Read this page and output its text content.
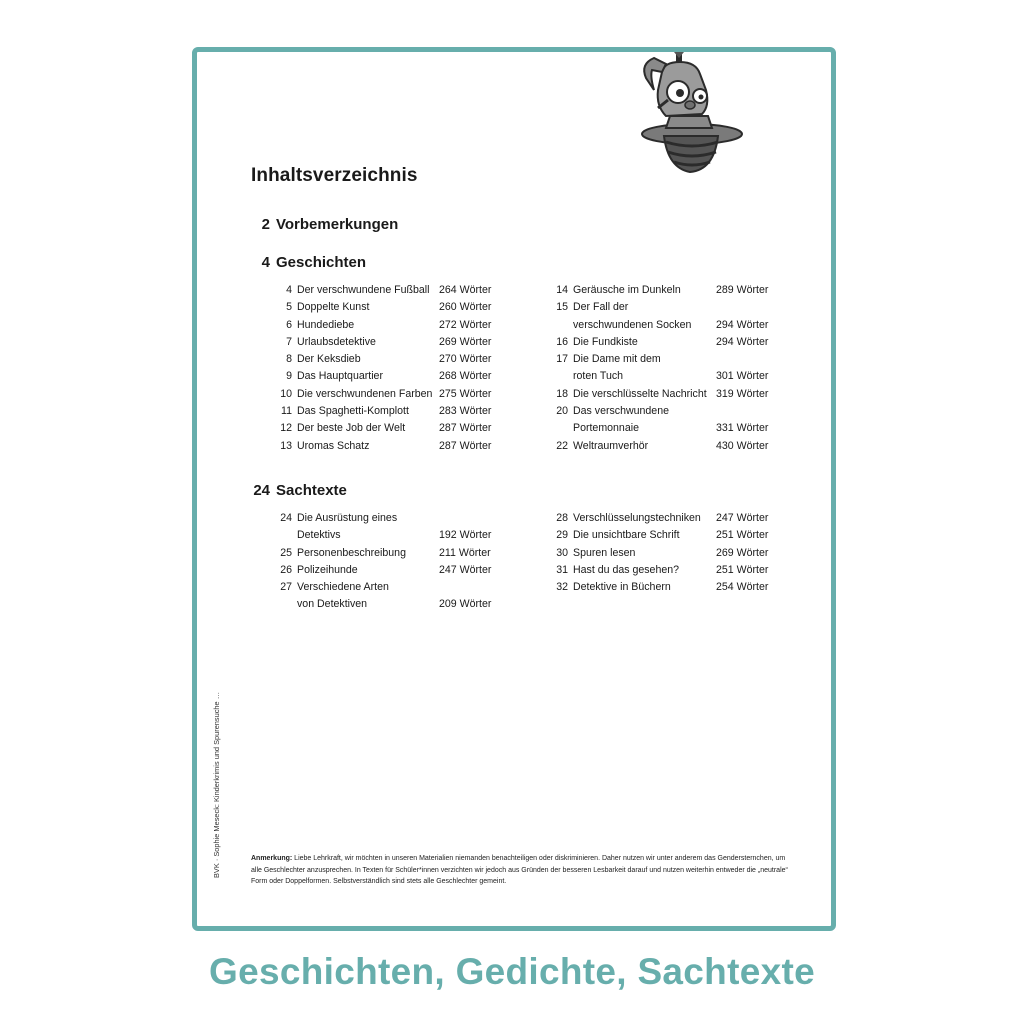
Inhaltsverzeichnis
2 Vorbemerkungen
4 Geschichten
24 Sachtexte
4 Der verschwundene Fußball 264 Wörter
5 Doppelte Kunst	260 Wörter
6 Hundediebe	272 Wörter
7 Urlaubsdetektive	269 Wörter
8 Der Keksdieb	270 Wörter
9 Das Hauptquartier	268 Wörter
10 Die verschwundenen Farben 275 Wörter
11 Das Spaghetti-Komplott	283 Wörter
12 Der beste Job der Welt	287 Wörter
13 Uromas Schatz	287 Wörter
14 Geräusche im Dunkeln	289 Wörter
15 Der Fall der
verschwundenen Socken 294 Wörter
16 Die Fundkiste	294 Wörter
17 Die Dame mit dem
roten Tuch	301 Wörter
18 Die verschlüsselte Nachricht 319 Wörter
20 Das verschwundene
Portemonnaie	331 Wörter
22 Weltraumverhör	430 Wörter
24 Die Ausrüstung eines
Detektivs	192 Wörter
25 Personenbeschreibung	211 Wörter
26 Polizeihunde	247 Wörter
27 Verschiedene Arten
von Detektiven	209 Wörter
28 Verschlüsselungstechniken 247 Wörter
29 Die unsichtbare Schrift	251 Wörter
30 Spuren lesen	269 Wörter
31 Hast du das gesehen?	251 Wörter
32 Detektive in Büchern	254 Wörter
BVK · Sophie Meseck: Kinderkrimis und Spurensuche …	Anmerkung: Liebe Lehrkraft, wir möchten in unseren Materialien niemanden benachteiligen oder diskriminieren. Daher nutzen wir unter anderem das Gendersternchen, um alle Geschlechter anzusprechen. In Texten für Schüler*innen verzichten wir jedoch aus Gründen der besseren Lesbarkeit darauf und nutzen weiterhin entweder die „neutrale“ Form oder Doppelformen. Selbstverständlich sind stets alle Geschlechter gemeint.
Geschichten, Gedichte, Sachtexte
